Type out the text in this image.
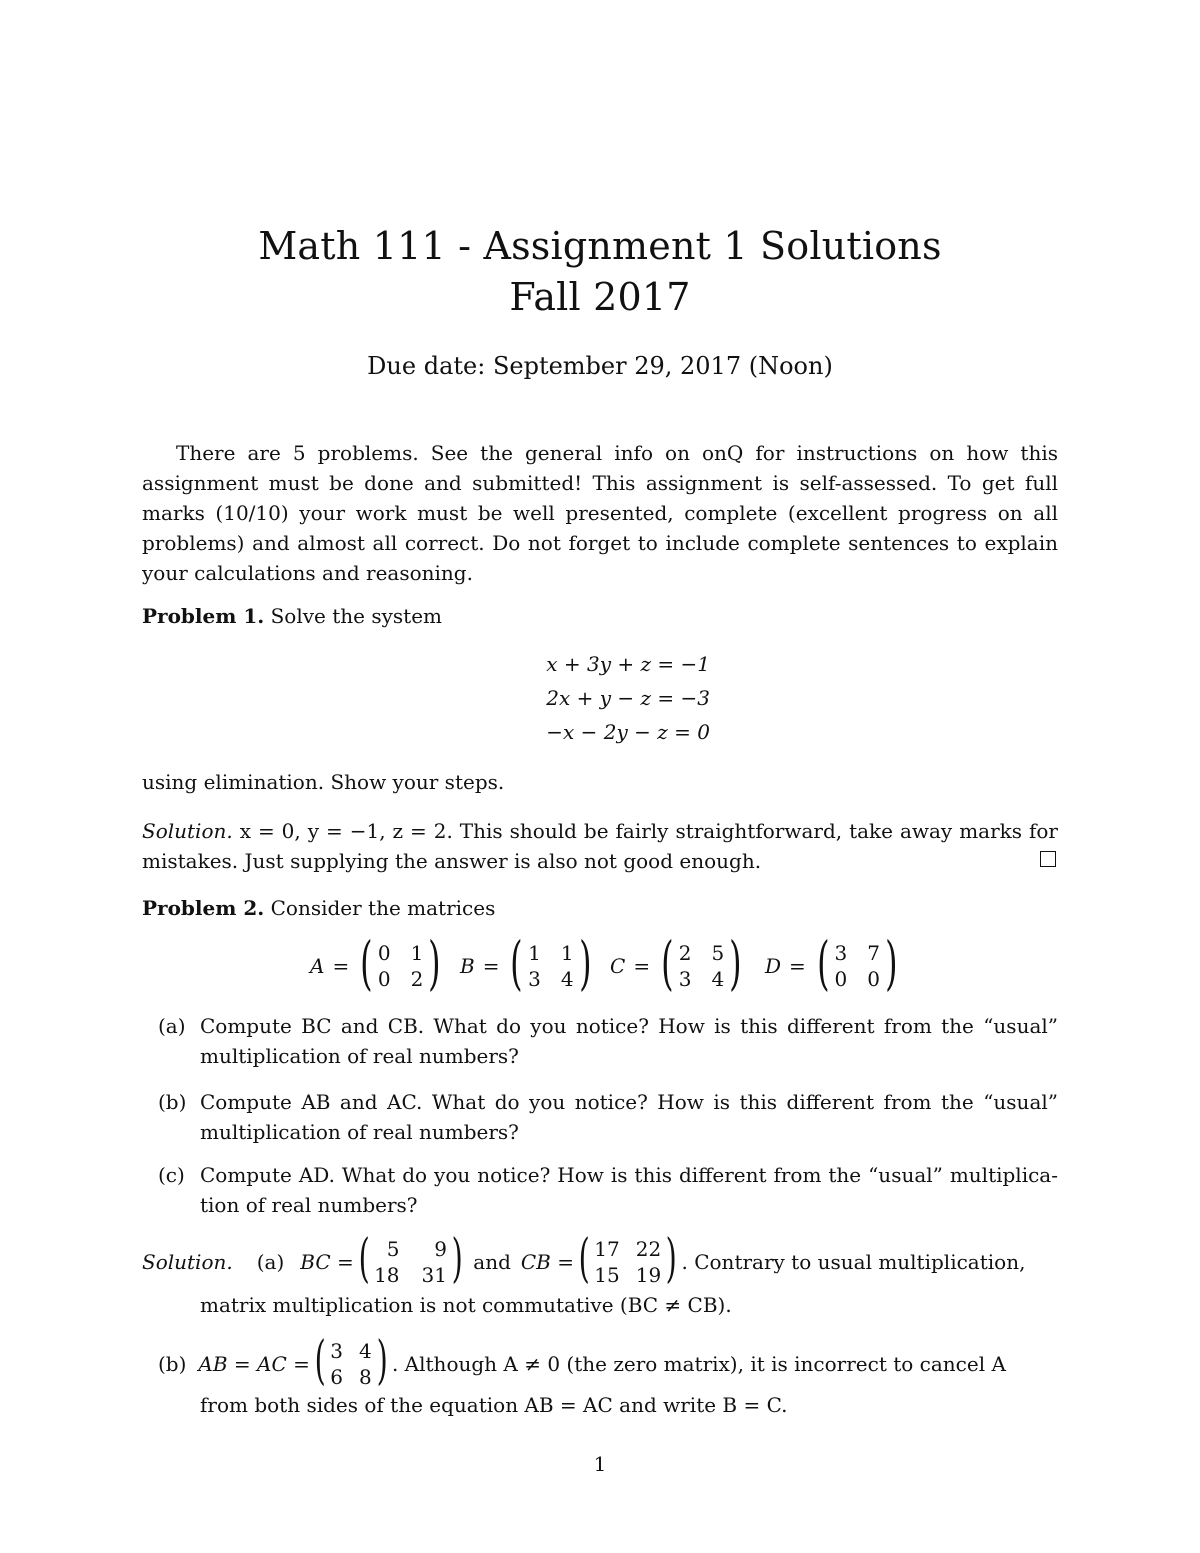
Math 111 - Assignment 1 Solutions
Fall 2017
Due date: September 29, 2017 (Noon)
There are 5 problems. See the general info on onQ for instructions on how this assignment must be done and submitted! This assignment is self-assessed. To get full marks (10/10) your work must be well presented, complete (excellent progress on all problems) and almost all correct. Do not forget to include complete sentences to explain your calculations and reasoning.
Problem 1. Solve the system
x + 3y + z = −1
2x + y − z = −3
−x − 2y − z = 0
using elimination. Show your steps.
Solution. x = 0, y = −1, z = 2. This should be fairly straightforward, take away marks for mistakes. Just supplying the answer is also not good enough.
Problem 2. Consider the matrices
A = ( 0 1
0 2 ) B = ( 1 1
3 4 ) C = ( 2 5
3 4 ) D = ( 3 7
0 0 )
(a) Compute BC and CB. What do you notice? How is this different from the “usual” multiplication of real numbers?
(b) Compute AB and AC. What do you notice? How is this different from the “usual” multiplication of real numbers?
(c) Compute AD. What do you notice? How is this different from the “usual” multiplica-tion of real numbers?
Solution. (a) BC = ( 5	9
18 31 ) and CB = ( 17 22
15 19 ) . Contrary to usual multiplication,
matrix multiplication is not commutative (BC ≠ CB).
(b) AB = AC = ( 3 4
6 8 ) . Although A ≠ 0 (the zero matrix), it is incorrect to cancel A
from both sides of the equation AB = AC and write B = C.
1
